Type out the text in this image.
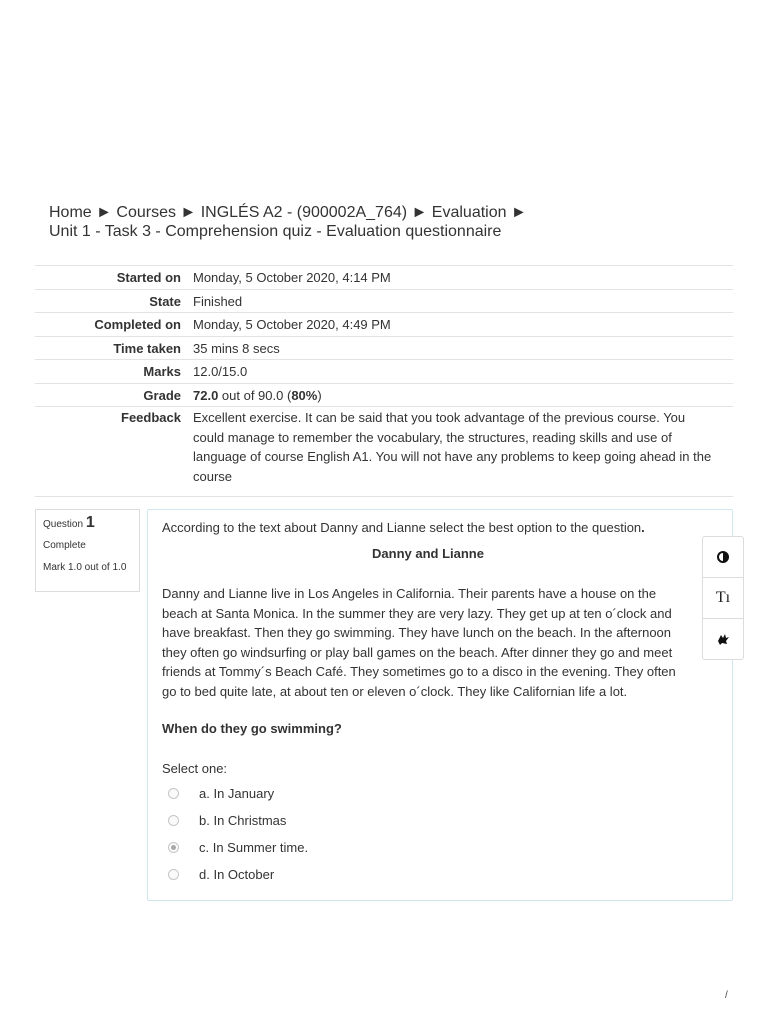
Home ► Courses ► INGLÉS A2 - (900002A_764) ► Evaluation ►
Unit 1 - Task 3 - Comprehension quiz - Evaluation questionnaire
Started on	Monday, 5 October 2020, 4:14 PM
State	Finished
Completed on	Monday, 5 October 2020, 4:49 PM
Time taken	35 mins 8 secs
Marks	12.0/15.0
Grade	72.0 out of 90.0 (80%)
Feedback	Excellent exercise. It can be said that you took advantage of the previous course. You could manage to remember the vocabulary, the structures, reading skills and use of language of course English A1. You will not have any problems to keep going ahead in the course
Question 1
Complete
Mark 1.0 out of 1.0
According to the text about Danny and Lianne select the best option to the question.
Danny and Lianne
Danny and Lianne live in Los Angeles in California. Their parents have a house on the beach at Santa Monica. In the summer they are very lazy. They get up at ten o´clock and have breakfast. Then they go swimming. They have lunch on the beach. In the afternoon they often go windsurfing or play ball games on the beach. After dinner they go and meet friends at Tommy´s Beach Café. They sometimes go to a disco in the evening. They often go to bed quite late, at about ten or eleven o´clock. They like Californian life a lot.
When do they go swimming?
Select one:
a. In January
b. In Christmas
c. In Summer time.
d. In October
Tı
/
